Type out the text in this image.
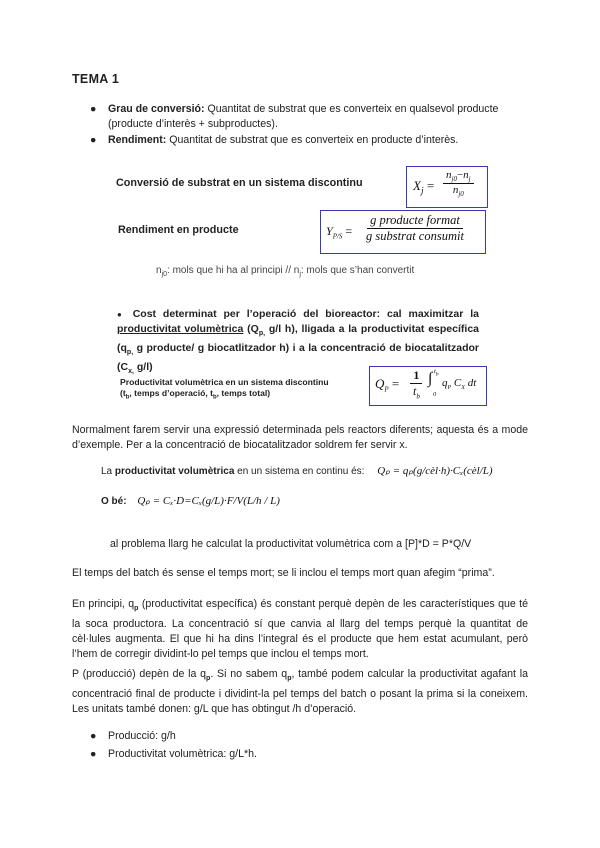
TEMA 1
● Grau de conversió: Quantitat de substrat que es converteix en qualsevol producte (producte d’interès + subproductes).
● Rendiment: Quantitat de substrat que es converteix en producte d’interès.
Conversió de substrat en un sistema discontinu	$X_j = \frac{n_{j0}-n_j}{n_{j0}}$
Rendiment en producte	$Y_{P/S}$ =
g producte format
g substrat consumit
$n_{j0}$: mols que hi ha al principi // $n_j$: mols que s’han convertit
● Cost determinat per l’operació del bioreactor: cal maximitzar la productivitat volumètrica ($Q_{p,}$ g/l h), lligada a la productivitat específica ($q_{p,}$ g producte/ g biocatlitzador h) i a la concentració de biocatalitzador ($C_{x,}$ g/l)
Productivitat volumètrica en un sistema discontinu
($t_b$, temps d’operació, $t_b$, temps total)
$Q_P = \frac{1}{t_b}$ ∫ $t_b$
0
$q_P$ $C_X$ dt
Normalment farem servir una expressió determinada pels reactors diferents; aquesta és a mode d’exemple. Per a la concentració de biocatalitzador soldrem fer servir x.
La productivitat volumètrica en un sistema en continu és: Qₚ = qₚ(g/cèl·h)·Cₓ(cèl/L)
O bé: Qₚ = Cₓ·D=Cₓ(g/L)·F/V(L/h / L)
al problema llarg he calculat la productivitat volumètrica com a [P]*D = P*Q/V
El temps del batch és sense el temps mort; se li inclou el temps mort quan afegim “prima”.
En principi, $q_p$ (productivitat específica) és constant perquè depèn de les característiques que té la soca productora. La concentració sí que canvia al llarg del temps perquè la quantitat de cèl·lules augmenta. El que hi ha dins l’integral és el producte que hem estat acumulant, però l’hem de corregir dividint-lo pel temps que inclou el temps mort.
P (producció) depèn de la $q_p$. Si no sabem $q_p$, també podem calcular la productivitat agafant la concentració final de producte i dividint-la pel temps del batch o posant la prima si la coneixem. Les unitats també donen: g/L que has obtingut /h d’operació.
● Producció: g/h
● Productivitat volumètrica: g/L*h.
